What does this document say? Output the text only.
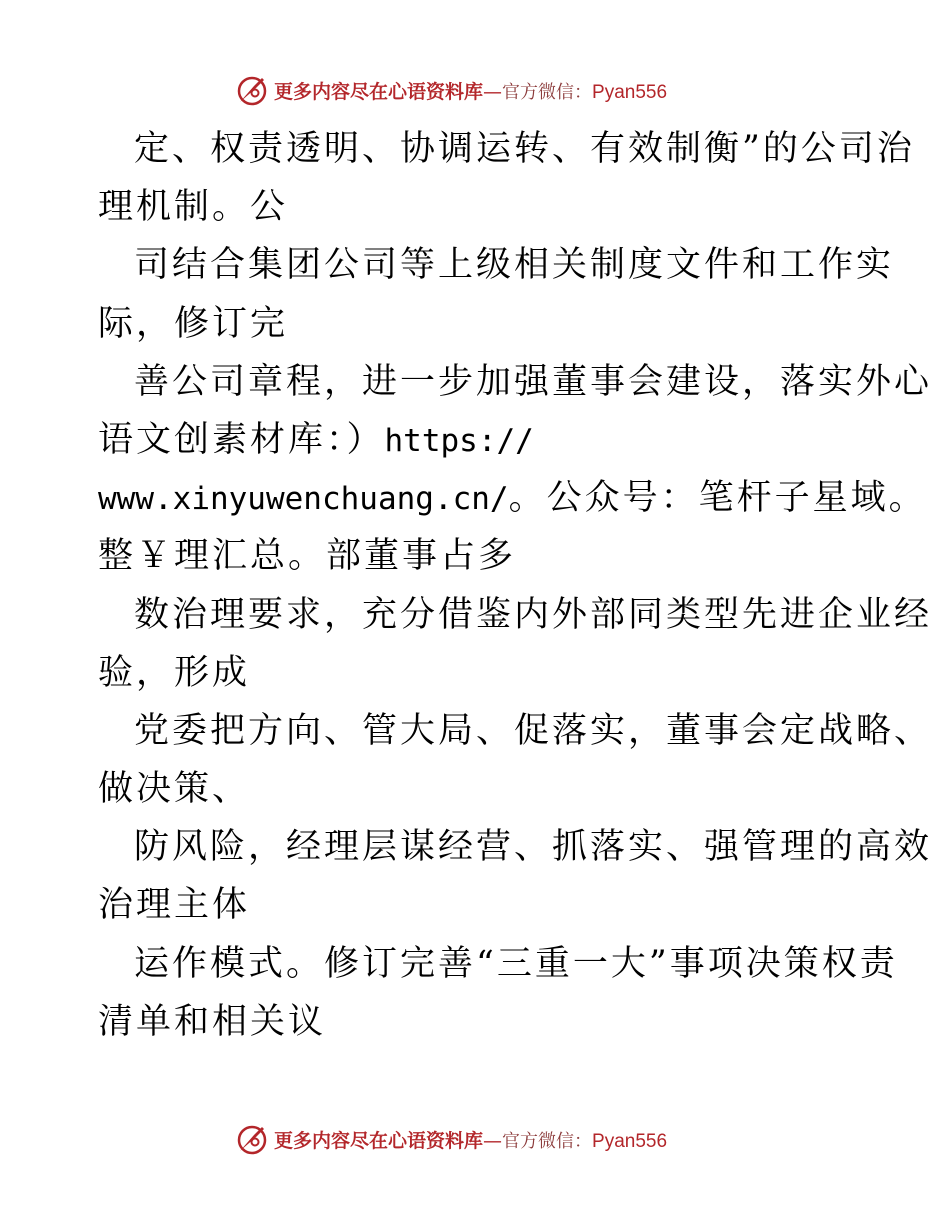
更多内容尽在心语资料库—官方微信：Pyan556
定、权责透明、协调运转、有效制衡”的公司治
理机制。公
司结合集团公司等上级相关制度文件和工作实
际，修订完
善公司章程，进一步加强董事会建设，落实外心
语文创素材库：）https://
www.xinyuwenchuang.cn/。公众号：笔杆子星域。
整￥理汇总。部董事占多
数治理要求，充分借鉴内外部同类型先进企业经
验，形成
党委把方向、管大局、促落实，董事会定战略、
做决策、
防风险，经理层谋经营、抓落实、强管理的高效
治理主体
运作模式。修订完善“三重一大”事项决策权责
清单和相关议
更多内容尽在心语资料库—官方微信：Pyan556
